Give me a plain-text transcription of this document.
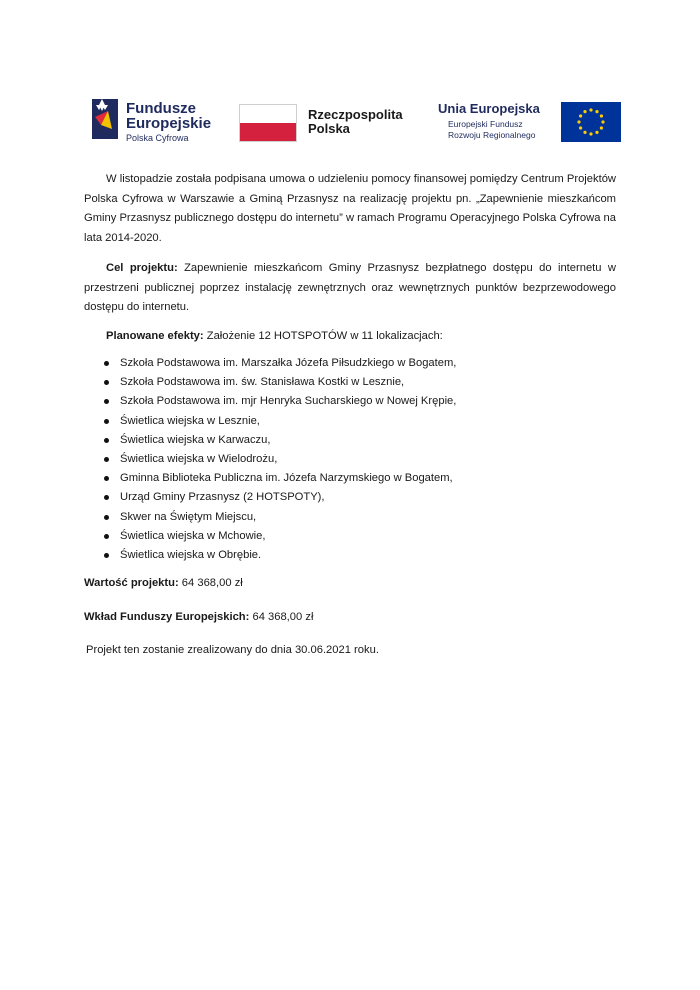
Fundusze
Europejskie
Polska Cyfrowa
Rzeczpospolita
Polska
Unia Europejska
Europejski Fundusz
Rozwoju Regionalnego

W listopadzie została podpisana umowa o udzieleniu pomocy finansowej pomiędzy Centrum Projektów Polska Cyfrowa w Warszawie a Gminą Przasnysz na realizację projektu pn. „Zapewnienie mieszkańcom Gminy Przasnysz publicznego dostępu do internetu” w ramach Programu Operacyjnego Polska Cyfrowa na lata 2014-2020.

Cel projektu: Zapewnienie mieszkańcom Gminy Przasnysz bezpłatnego dostępu do internetu w przestrzeni publicznej poprzez instalację zewnętrznych oraz wewnętrznych punktów bezprzewodowego dostępu do internetu.

Planowane efekty: Założenie 12 HOTSPOTÓW w 11 lokalizacjach:

Szkoła Podstawowa im. Marszałka Józefa Piłsudzkiego w Bogatem,
Szkoła Podstawowa im. św. Stanisława Kostki w Lesznie,
Szkoła Podstawowa im. mjr Henryka Sucharskiego w Nowej Krępie,
Świetlica wiejska w Lesznie,
Świetlica wiejska w Karwaczu,
Świetlica wiejska w Wielodrożu,
Gminna Biblioteka Publiczna im. Józefa Narzymskiego w Bogatem,
Urząd Gminy Przasnysz (2 HOTSPOTY),
Skwer na Świętym Miejscu,
Świetlica wiejska w Mchowie,
Świetlica wiejska w Obrębie.

Wartość projektu: 64 368,00 zł

Wkład Funduszy Europejskich: 64 368,00 zł

Projekt ten zostanie zrealizowany do dnia 30.06.2021 roku.
